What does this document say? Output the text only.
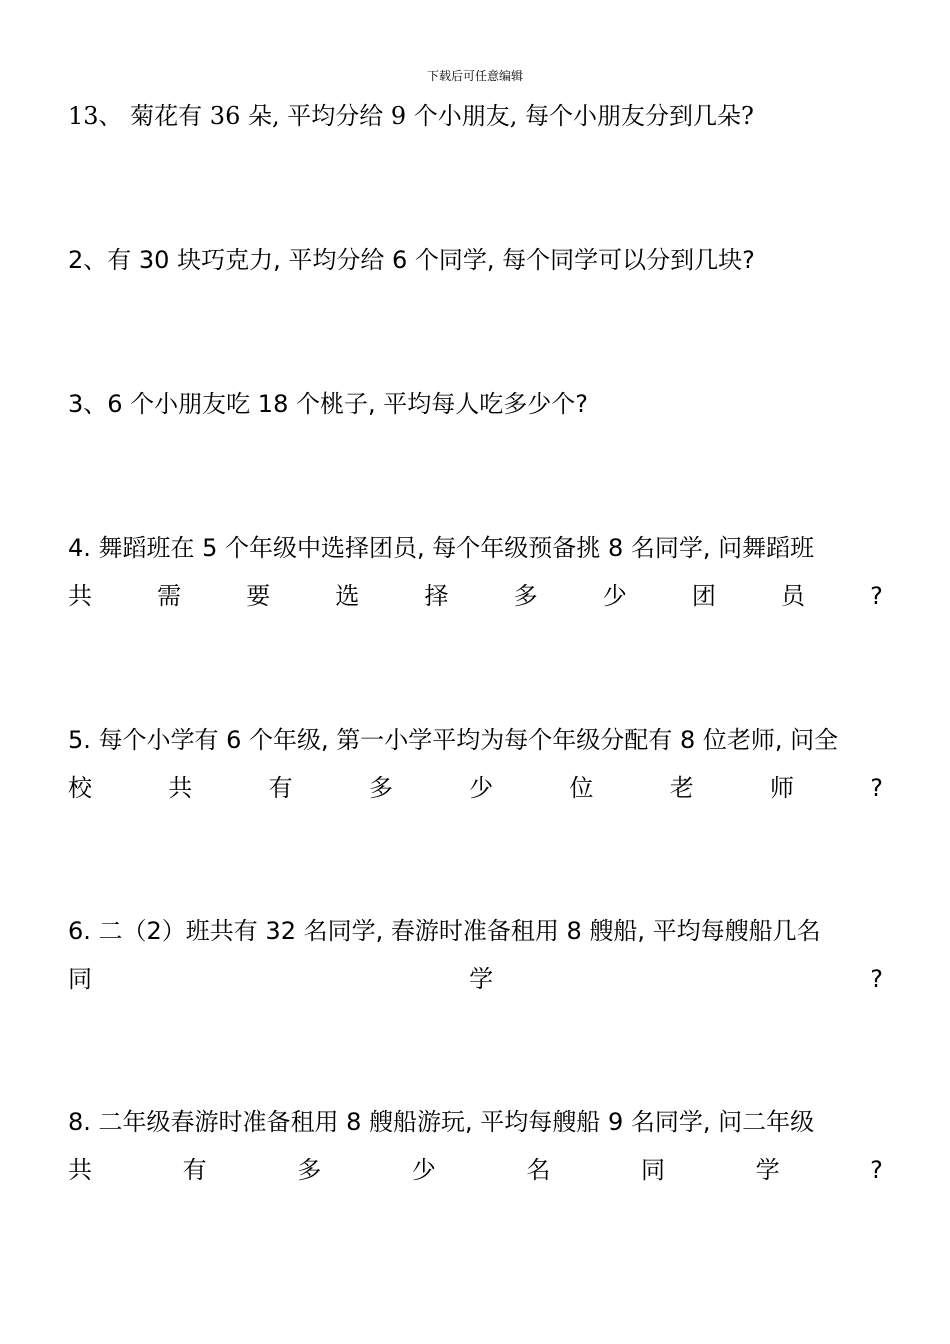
下载后可任意编辑
13、 菊花有 36 朵, 平均分给 9 个小朋友, 每个小朋友分到几朵?
2、有 30 块巧克力, 平均分给 6 个同学, 每个同学可以分到几块?
3、6 个小朋友吃 18 个桃子, 平均每人吃多少个?
4. 舞蹈班在 5 个年级中选择团员, 每个年级预备挑 8 名同学, 问舞蹈班
共	需	要	选	择	多	少	团	员	?
5. 每个小学有 6 个年级, 第一小学平均为每个年级分配有 8 位老师, 问全
校	共	有	多	少	位	老	师	?
6. 二（2）班共有 32 名同学, 春游时准备租用 8 艘船, 平均每艘船几名
同	学	?
8. 二年级春游时准备租用 8 艘船游玩, 平均每艘船 9 名同学, 问二年级
共	有	多	少	名	同	学	?
